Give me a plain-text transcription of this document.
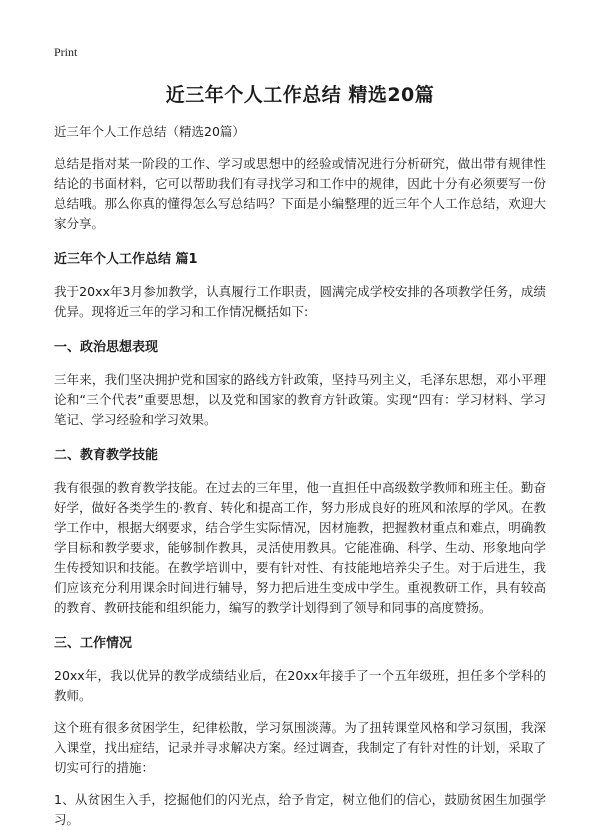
Print
近三年个人工作总结 精选20篇
近三年个人工作总结（精选20篇）

总结是指对某一阶段的工作、学习或思想中的经验或情况进行分析研究，做出带有规律性结论的书面材料，它可以帮助我们有寻找学习和工作中的规律，因此十分有必须要写一份总结哦。那么你真的懂得怎么写总结吗？下面是小编整理的近三年个人工作总结，欢迎大家分享。

近三年个人工作总结 篇1

我于20xx年3月参加教学，认真履行工作职责，圆满完成学校安排的各项教学任务，成绩优异。现将近三年的学习和工作情况概括如下:

一、政治思想表现

三年来，我们坚决拥护党和国家的路线方针政策，坚持马列主义，毛泽东思想，邓小平理论和“三个代表”重要思想，以及党和国家的教育方针政策。实现“四有：学习材料、学习笔记、学习经验和学习效果。

二、教育教学技能

我有很强的教育教学技能。在过去的三年里，他一直担任中高级数学教师和班主任。勤奋好学，做好各类学生的·教育、转化和提高工作，努力形成良好的班风和浓厚的学风。在教学工作中，根据大纲要求，结合学生实际情况，因材施教，把握教材重点和难点，明确教学目标和教学要求，能够制作教具，灵活使用教具。它能准确、科学、生动、形象地向学生传授知识和技能。在教学培训中，要有针对性、有技能地培养尖子生。对于后进生，我们应该充分利用课余时间进行辅导，努力把后进生变成中学生。重视教研工作，具有较高的教育、教研技能和组织能力，编写的教学计划得到了领导和同事的高度赞扬。

三、工作情况

20xx年，我以优异的教学成绩结业后，在20xx年接手了一个五年级班，担任多个学科的教师。

这个班有很多贫困学生，纪律松散，学习氛围淡薄。为了扭转课堂风格和学习氛围，我深入课堂，找出症结，记录并寻求解决方案。经过调查，我制定了有针对性的计划，采取了切实可行的措施：

1、从贫困生入手，挖掘他们的闪光点，给予肯定，树立他们的信心，鼓励贫困生加强学习。
